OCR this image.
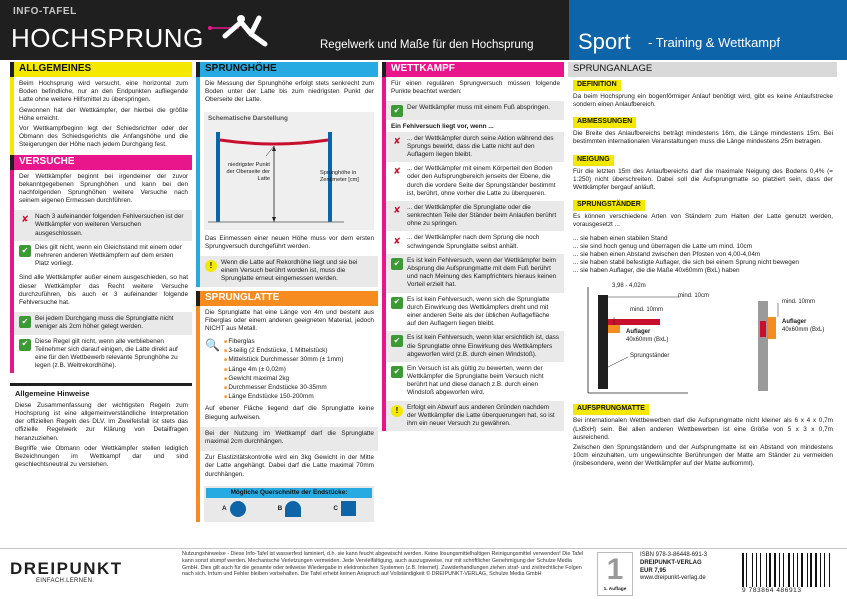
INFO-TAFEL
HOCHSPRUNG	Regelwerk und Maße für den Hochsprung Sport - Training & Wettkampf
ALLGEMEINES

Beim Hochsprung wird versucht, eine horizontal zum Boden befindliche, nur an den Endpunkten aufliegende Latte ohne weitere Hilfsmittel zu überspringen.

Gewonnen hat der Wettkämpfer, der hierbei die größte Höhe erreicht.

Vor Wettkampfbeginn legt der Schiedsrichter oder der Obmann des Schiedsgerichts die Anfangshöhe und die Steigerungen der Höhe nach jedem Durchgang fest.

VERSUCHE

Der Wettkämpfer beginnt bei irgendeiner der zuvor bekanntgegebenen Sprunghöhen und kann bei den nachfolgenden Sprunghöhen weitere Versuche nach seinem eigenen Ermessen durchführen.

✘ Nach 3 aufeinander folgenden Fehlversuchen ist der Wettkämpfer von weiteren Versuchen ausgeschlossen.
✔	Dies gilt nicht, wenn ein Gleichstand mit einem oder mehreren anderen Wettkämpfern auf dem ersten Platz vorliegt.

Sind alle Wettkämpfer außer einem ausgeschieden, so hat dieser Wettkämpfer das Recht weitere Versuche durchzuführen, bis auch er 3 aufeinander folgende Fehlversuche hat.

✔	Bei jedem Durchgang muss die Sprunglatte nicht weniger als 2cm höher gelegt werden.
✔	Diese Regel gilt nicht, wenn alle verbliebenen Teilnehmer sich darauf einigen, die Latte direkt auf eine für den Wettbewerb relevante Sprunghöhe zu legen (z.B. Weltrekordhöhe).
Allgemeine Hinweise

Diese Zusammenfassung der wichtigsten Regeln zum Hochsprung ist eine allgemeinverständliche Interpretation der offiziellen Regeln des DLV. Im Zweifelsfall ist stets das offizielle Regelwerk zur Klärung von Detailfragen heranzuziehen.

Begriffe wie Obmann oder Wettkämpfer stellen lediglich Bezeichnungen im Wettkampf dar und sind geschlechtsneutral zu verstehen.

SPRUNGHÖHE

Die Messung der Sprunghöhe erfolgt stets senkrecht zum Boden unter der Latte bis zum niedrigsten Punkt der Oberseite der Latte.

Schematische Darstellung
niedrigster Punkt der Oberseite der Latte
Sprunghöhe in Zentimeter [cm]

Das Einmessen einer neuen Höhe muss vor dem ersten Sprungversuch durchgeführt werden.

!	Wenn die Latte auf Rekordhöhe liegt und sie bei einem Versuch berührt worden ist, muss die Sprunglatte erneut eingemessen werden.
SPRUNGLATTE

Die Sprunglatte hat eine Länge von 4m und besteht aus Fiberglas oder einem anderen geeigneten Material, jedoch NICHT aus Metall.

🔍
■	Fiberglas
■ 3-teilig (2 Endstücke, 1 Mittelstück)
■ Mittelstück Durchmesser 30mm (± 1mm)
■ Länge 4m (± 0,02m)
■ Gewicht maximal 2kg
■ Durchmesser Endstücke 30-35mm
■ Länge Endstücke 150-200mm

Auf ebener Fläche liegend darf die Sprunglatte keine Biegung aufweisen.

Bei der Nutzung im Wettkampf darf die Sprunglatte maximal 2cm durchhängen.

Zur Elastizitätskontrolle wird ein 3kg Gewicht in der Mitte der Latte angehängt. Dabei darf die Latte maximal 70mm durchhängen.

Mögliche Querschnitte der Endstücke:
A	B	C
WETTKAMPF

Für einen regulären Sprungversuch müssen folgende Punkte beachtet werden:

✔	Der Wettkämpfer muss mit einem Fuß abspringen.
Ein Fehlversuch liegt vor, wenn ...
✘ ... der Wettkämpfer durch seine Aktion während des Sprungs bewirkt, dass die Latte nicht auf den Auflagern liegen bleibt.
✘ ... der Wettkämpfer mit einem Körperteil den Boden oder den Aufsprungbereich jenseits der Ebene, die durch die vordere Seite der Sprungständer bestimmt ist, berührt, ohne vorher die Latte zu überqueren.
✘ ... der Wettkämpfer die Sprunglatte oder die senkrechten Teile der Ständer beim Anlaufen berührt ohne zu springen.
✘ ... der Wettkämpfer nach dem Sprung die noch schwingende Sprunglatte selbst anhält.
✔	Es ist kein Fehlversuch, wenn der Wettkämpfer beim Absprung die Aufsprungmatte mit dem Fuß berührt und nach Meinung des Kampfrichters hieraus keinen Vorteil erzielt hat.
✔	Es ist kein Fehlversuch, wenn sich die Sprunglatte durch Einwirkung des Wettkämpfers dreht und mit einer anderen Seite als der üblichen Auflagefläche auf den Auflagern liegen bleibt.
✔	Es ist kein Fehlversuch, wenn klar ersichtlich ist, dass die Sprunglatte ohne Einwirkung des Wettkämpfers abgeworfen wird (z.B. durch einen Windstoß).
✔	Ein Versuch ist als gültig zu bewerten, wenn der Wettkämpfer die Sprunglatte beim Versuch nicht berührt hat und diese danach z.B. durch einen Windstoß abgeworfen wird.
!	Erfolgt ein Abwurf aus anderen Gründen nachdem der Wettkämpfer die Latte überquerungen hat, so ist ihm ein neuer Versuch zu gewähren.
SPRUNGANLAGE
DEFINITION

Da beim Hochsprung ein bogenförmiger Anlauf benötigt wird, gibt es keine Anlaufstrecke sondern einen Anlaufbereich.

ABMESSUNGEN

Die Breite des Anlaufbereichs beträgt mindestens 16m, die Länge mindestens 15m. Bei bestimmten internationalen Veranstaltungen muss die Länge mindestens 25m betragen.

NEIGUNG

Für die letzten 15m des Anlaufbereichs darf die maximale Neigung des Bodens 0,4% (= 1:250) nicht überschreiten. Dabei soll die Aufsprungmatte so platziert sein, dass der Wettkämpfer bergauf anläuft.

SPRUNGSTÄNDER

Es können verschiedene Arten von Ständern zum Halten der Latte genutzt werden, vorausgesetzt ...

... sie haben einen stabilen Stand

... sie sind hoch genug und überragen die Latte um mind. 10cm

... sie haben einen Abstand zwischen den Pfosten von 4,00-4,04m

... sie haben stabil befestigte Auflager, die sich bei einem Sprung nicht bewegen

... sie haben Auflager, die die Maße 40x60mm (BxL) haben

3,98 - 4,02m
mind. 10mm
mind. 10cm
Auflager
40x60mm (BxL)
Sprungständer
mind. 10mm
Auflager
40x60mm (BxL)
AUFSPRUNGMATTE

Bei internationalen Wettbewerben darf die Aufsprungmatte nicht kleiner als 6 x 4 x 0,7m (LxBxH) sein. Bei allen anderen Wettbewerben ist eine Größe von 5 x 3 x 0,7m ausreichend.

Zwischen den Sprungständern und der Aufsprungmatte ist ein Abstand von mindestens 10cm einzuhalten, um ungewünschte Berührungen der Matte am Ständer zu vermeiden (insbesondere, wenn der Wettkämpfer auf der Matte aufkommt).

DREIPUNKT
EINFACH.LERNEN.
Nutzungshinweise - Diese Info-Tafel ist wasserfest laminiert, d.h. sie kann feucht abgewischt werden. Keine lösungsmittelhaltigen Reinigungsmittel verwenden! Die Tafel kann sonst stumpf werden. Mechanische Verletzungen vermeiden. Jede Vervielfältigung, auch auszugsweise, nur mit schriftlicher Genehmigung der Schulze Media GmbH. Dies gilt auch für die gesamte oder teilweise Wiedergabe in elektronischen Systemen (z.B. Internet). Zuwiderhandlungen ziehen straf- und zivilrechtliche Folgen nach sich. Irrtum und Fehler bleiben vorbehalten. Die Tafel erhebt keinen Anspruch auf Vollständigkeit © DREIPUNKT-VERLAG, Schulze Media GmbH	1
1. Auflage
ISBN 978-3-86448-691-3
DREIPUNKT-VERLAG
EUR 7,95
www.dreipunkt-verlag.de
9 783864 486913
